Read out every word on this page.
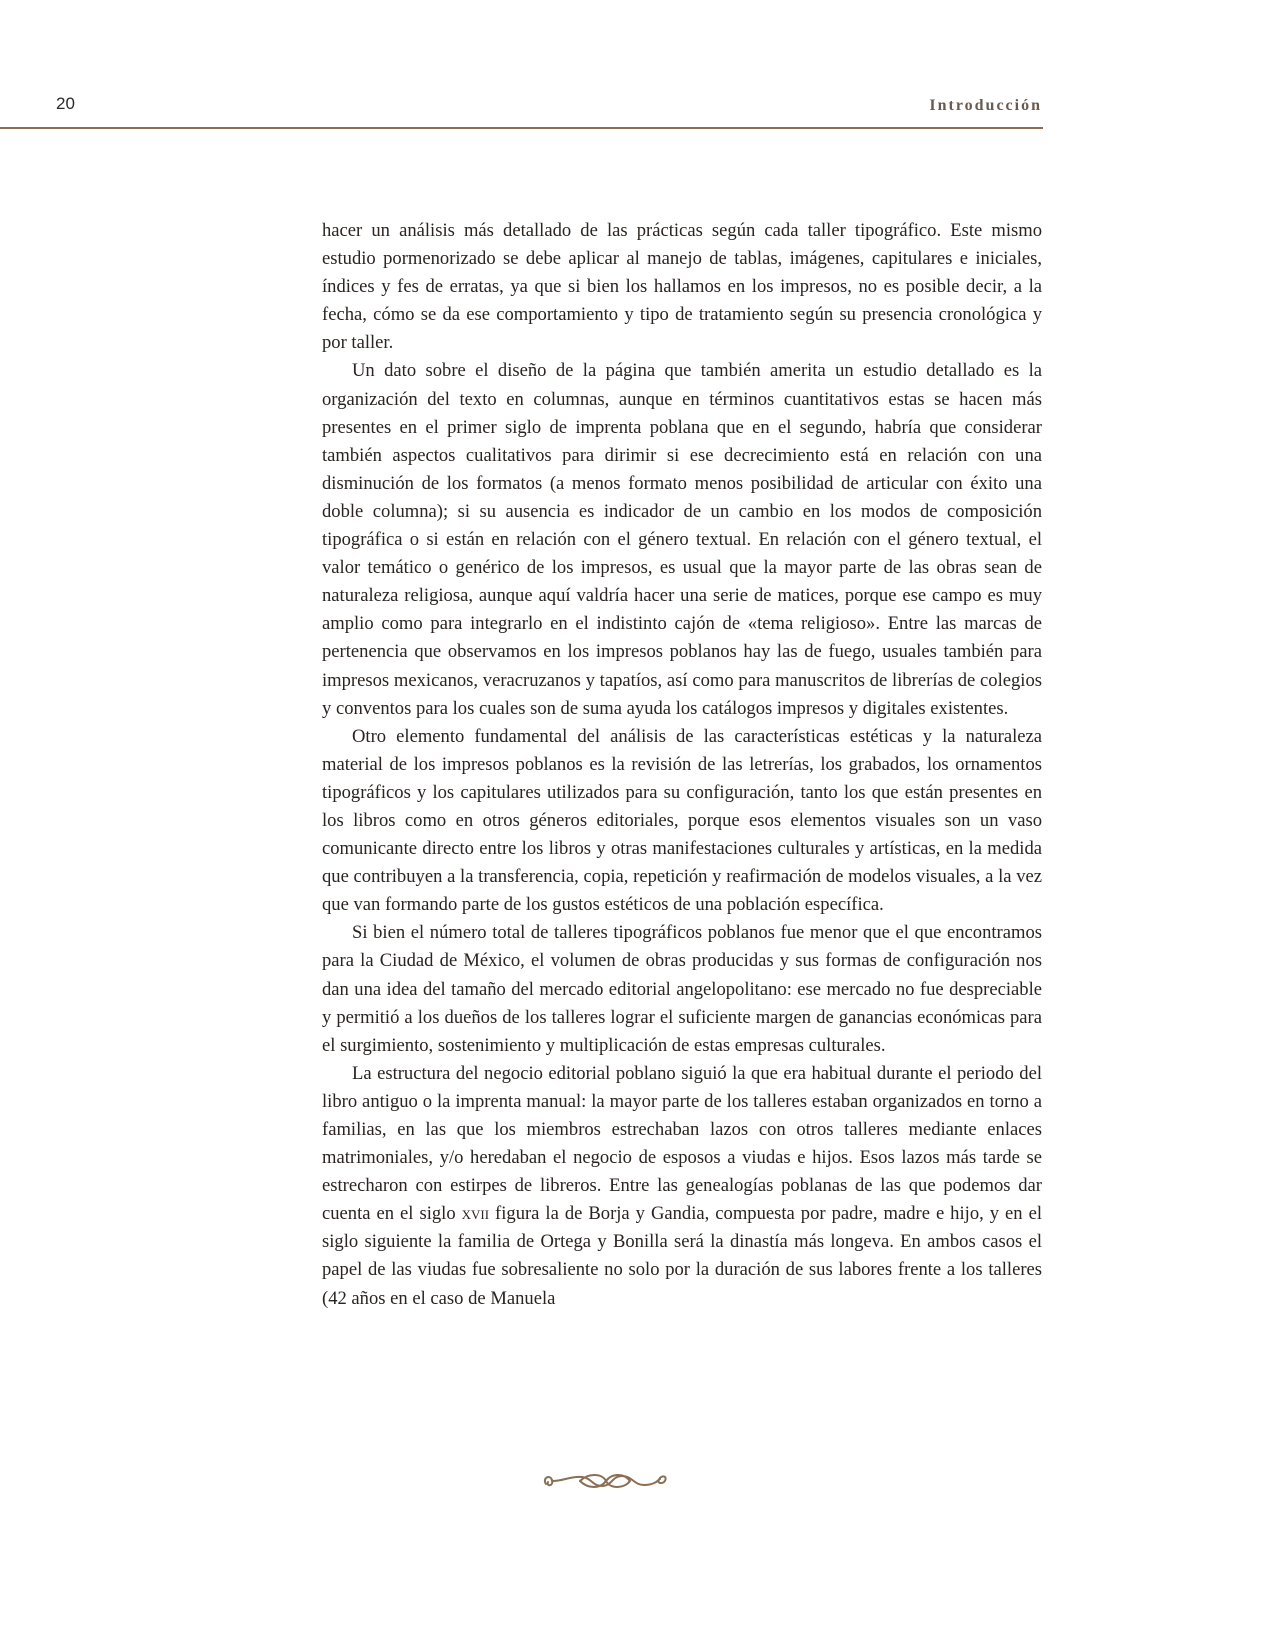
20	Introducción

hacer un análisis más detallado de las prácticas según cada taller tipográfico. Este mismo estudio pormenorizado se debe aplicar al manejo de tablas, imágenes, capitulares e iniciales, índices y fes de erratas, ya que si bien los hallamos en los impresos, no es posible decir, a la fecha, cómo se da ese comportamiento y tipo de tratamiento según su presencia cronológica y por taller.

Un dato sobre el diseño de la página que también amerita un estudio detallado es la organización del texto en columnas, aunque en términos cuantitativos estas se hacen más presentes en el primer siglo de imprenta poblana que en el segundo, habría que considerar también aspectos cualitativos para dirimir si ese decrecimiento está en relación con una disminución de los formatos (a menos formato menos posibilidad de articular con éxito una doble columna); si su ausencia es indicador de un cambio en los modos de composición tipográfica o si están en relación con el género textual. En relación con el género textual, el valor temático o genérico de los impresos, es usual que la mayor parte de las obras sean de naturaleza religiosa, aunque aquí valdría hacer una serie de matices, porque ese campo es muy amplio como para integrarlo en el indistinto cajón de «tema religioso». Entre las marcas de pertenencia que observamos en los impresos poblanos hay las de fuego, usuales también para impresos mexicanos, veracruzanos y tapatíos, así como para manuscritos de librerías de colegios y conventos para los cuales son de suma ayuda los catálogos impresos y digitales existentes.

Otro elemento fundamental del análisis de las características estéticas y la naturaleza material de los impresos poblanos es la revisión de las letrerías, los grabados, los ornamentos tipográficos y los capitulares utilizados para su configuración, tanto los que están presentes en los libros como en otros géneros editoriales, porque esos elementos visuales son un vaso comunicante directo entre los libros y otras manifestaciones culturales y artísticas, en la medida que contribuyen a la transferencia, copia, repetición y reafirmación de modelos visuales, a la vez que van formando parte de los gustos estéticos de una población específica.

Si bien el número total de talleres tipográficos poblanos fue menor que el que encontramos para la Ciudad de México, el volumen de obras producidas y sus formas de configuración nos dan una idea del tamaño del mercado editorial angelopolitano: ese mercado no fue despreciable y permitió a los dueños de los talleres lograr el suficiente margen de ganancias económicas para el surgimiento, sostenimiento y multiplicación de estas empresas culturales.

La estructura del negocio editorial poblano siguió la que era habitual durante el periodo del libro antiguo o la imprenta manual: la mayor parte de los talleres estaban organizados en torno a familias, en las que los miembros estrechaban lazos con otros talleres mediante enlaces matrimoniales, y/o heredaban el negocio de esposos a viudas e hijos. Esos lazos más tarde se estrecharon con estirpes de libreros. Entre las genealogías poblanas de las que podemos dar cuenta en el siglo xvii figura la de Borja y Gandia, compuesta por padre, madre e hijo, y en el siglo siguiente la familia de Ortega y Bonilla será la dinastía más longeva. En ambos casos el papel de las viudas fue sobresaliente no solo por la duración de sus labores frente a los talleres (42 años en el caso de Manuela
